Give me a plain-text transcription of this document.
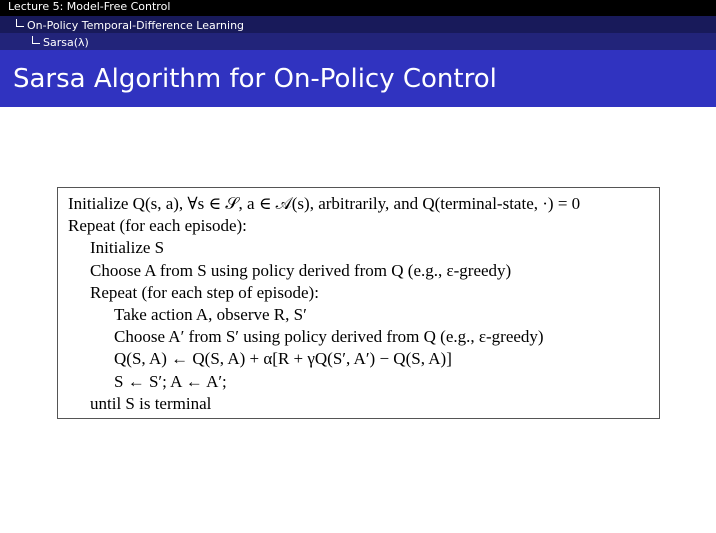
Lecture 5: Model-Free Control
On-Policy Temporal-Difference Learning
Sarsa(λ)
Sarsa Algorithm for On-Policy Control
Initialize Q(s, a), ∀s ∈ 𝒮, a ∈ 𝒜(s), arbitrarily, and Q(terminal-state, ·) = 0
Repeat (for each episode):
Initialize S
Choose A from S using policy derived from Q (e.g., ε-greedy)
Repeat (for each step of episode):
Take action A, observe R, S′
Choose A′ from S′ using policy derived from Q (e.g., ε-greedy)
Q(S, A) ← Q(S, A) + α[R + γQ(S′, A′) − Q(S, A)]
S ← S′; A ← A′;
until S is terminal
